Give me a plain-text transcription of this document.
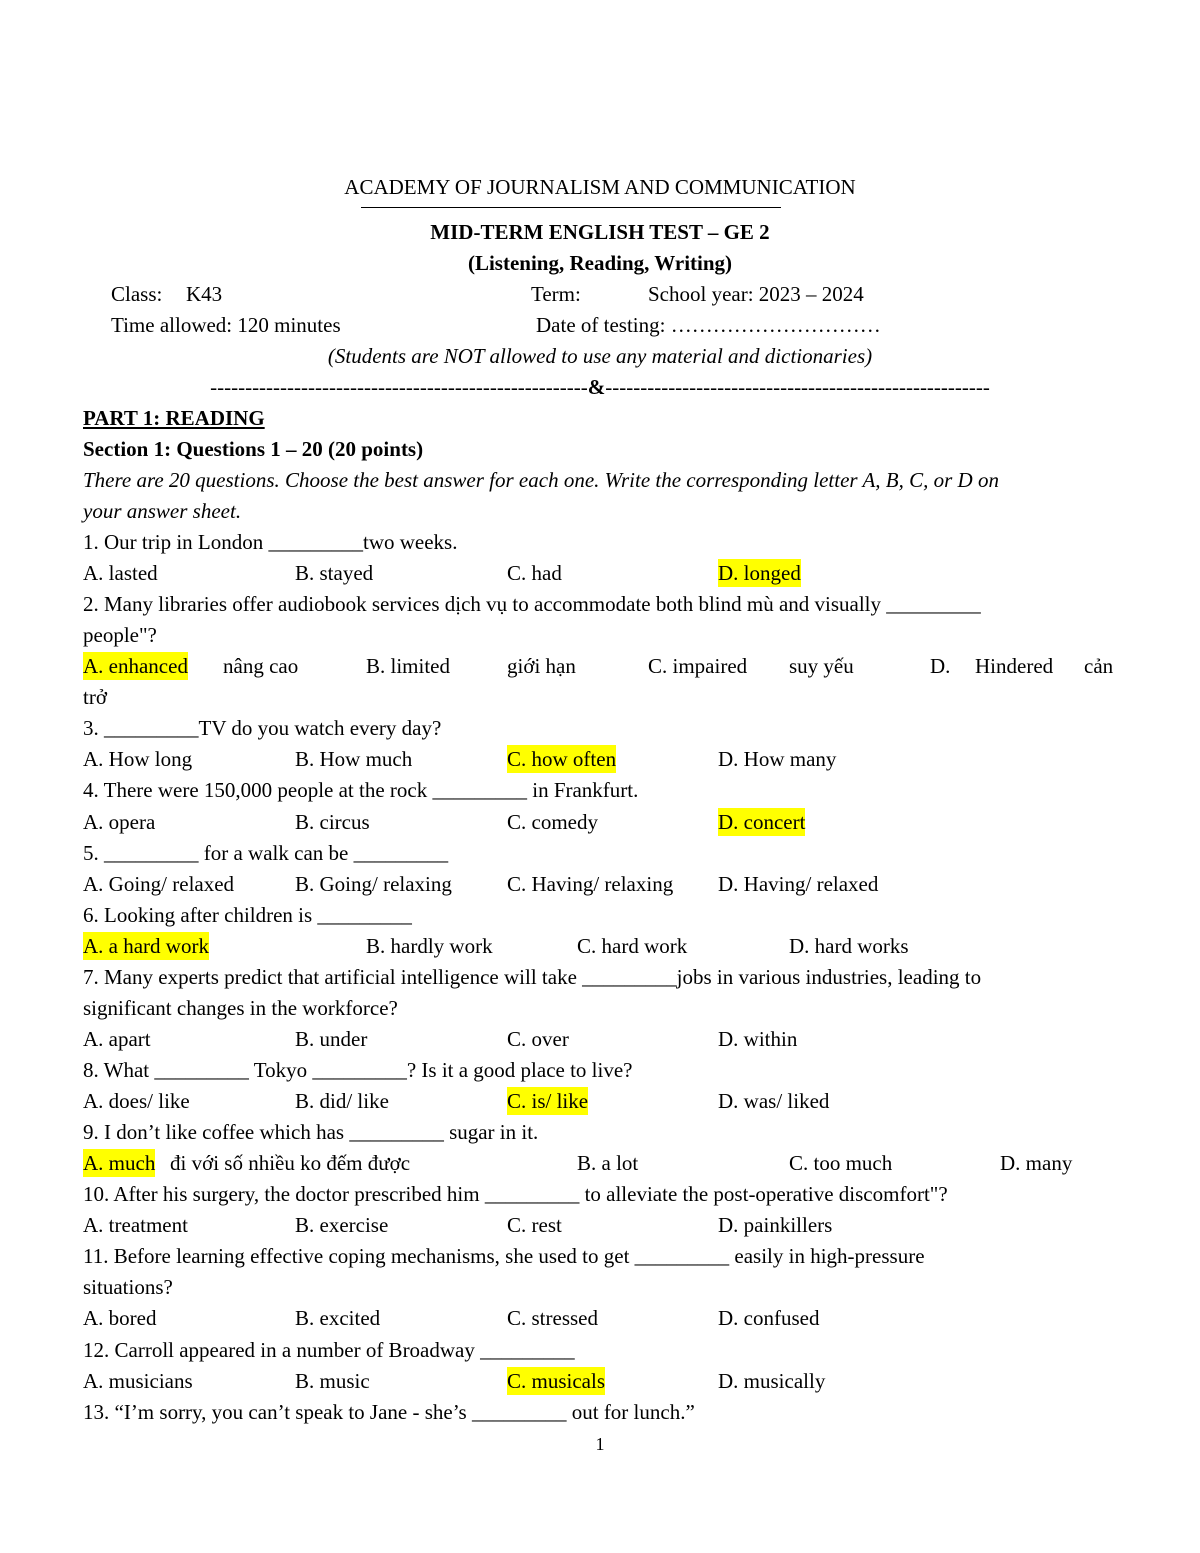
ACADEMY OF JOURNALISM AND COMMUNICATION
MID-TERM ENGLISH TEST – GE 2
(Listening, Reading, Writing)
Class: K43	Term:	School year: 2023 – 2024
Time allowed: 120 minutes	Date of testing: …………………………
(Students are NOT allowed to use any material and dictionaries)
------------------------------------------------------&-------------------------------------------------------
PART 1: READING
Section 1: Questions 1 – 20 (20 points)
There are 20 questions. Choose the best answer for each one. Write the corresponding letter A, B, C, or D on
your answer sheet.
1. Our trip in London _________two weeks.
A. lasted	B. stayed	C. had	D. longed
2. Many libraries offer audiobook services dịch vụ to accommodate both blind mù and visually _________
people"?
A. enhanced nâng cao	B. limited	giới hạn	C. impaired suy yếu	D. Hindered cản
trở
3. _________TV do you watch every day?
A. How long	B. How much	C. how often	D. How many
4. There were 150,000 people at the rock _________ in Frankfurt.
A. opera	B. circus	C. comedy	D. concert
5. _________ for a walk can be _________
A. Going/ relaxed	B. Going/ relaxing	C. Having/ relaxing D. Having/ relaxed
6. Looking after children is _________
A. a hard work	B. hardly work	C. hard work	D. hard works
7. Many experts predict that artificial intelligence will take _________jobs in various industries, leading to
significant changes in the workforce?
A. apart	B. under	C. over	D. within
8. What _________ Tokyo _________? Is it a good place to live?
A. does/ like	B. did/ like	C. is/ like	D. was/ liked
9. I don’t like coffee which has _________ sugar in it.
A. much đi với số nhiều ko đếm được	B. a lot	C. too much	D. many
10. After his surgery, the doctor prescribed him _________ to alleviate the post-operative discomfort"?
A. treatment	B. exercise	C. rest	D. painkillers
11. Before learning effective coping mechanisms, she used to get _________ easily in high-pressure
situations?
A. bored	B. excited	C. stressed	D. confused
12. Carroll appeared in a number of Broadway _________
A. musicians	B. music	C. musicals	D. musically
13. “I’m sorry, you can’t speak to Jane - she’s _________ out for lunch.”
1
